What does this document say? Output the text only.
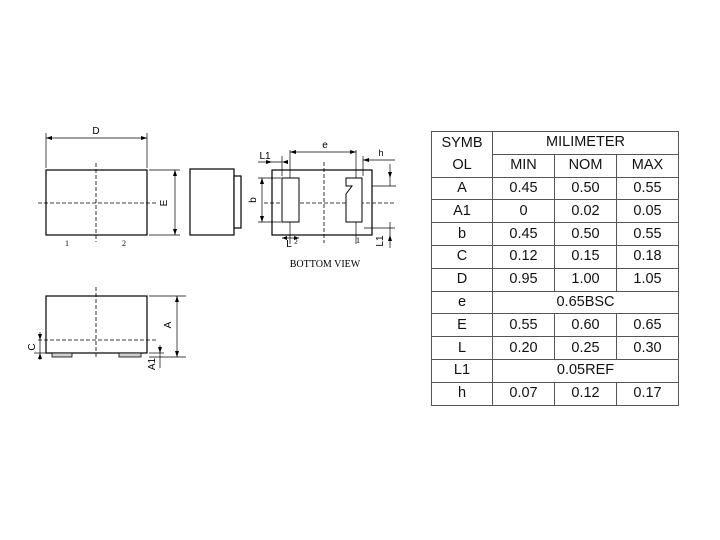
D
E
1	2
e
h
L1
b
L 2	L1
1
BOTTOM VIEW
A
C
A1
SYMB	MILIMETER		
OL	MIN	NOM	MAX
A	0.45	0.50	0.55
A1	0	0.02	0.05
b	0.45	0.50	0.55
C	0.12	0.15	0.18
D	0.95	1.00	1.05
e	0.65BSC		
E	0.55	0.60	0.65
L	0.20	0.25	0.30
L1	0.05REF		
h	0.07	0.12	0.17
